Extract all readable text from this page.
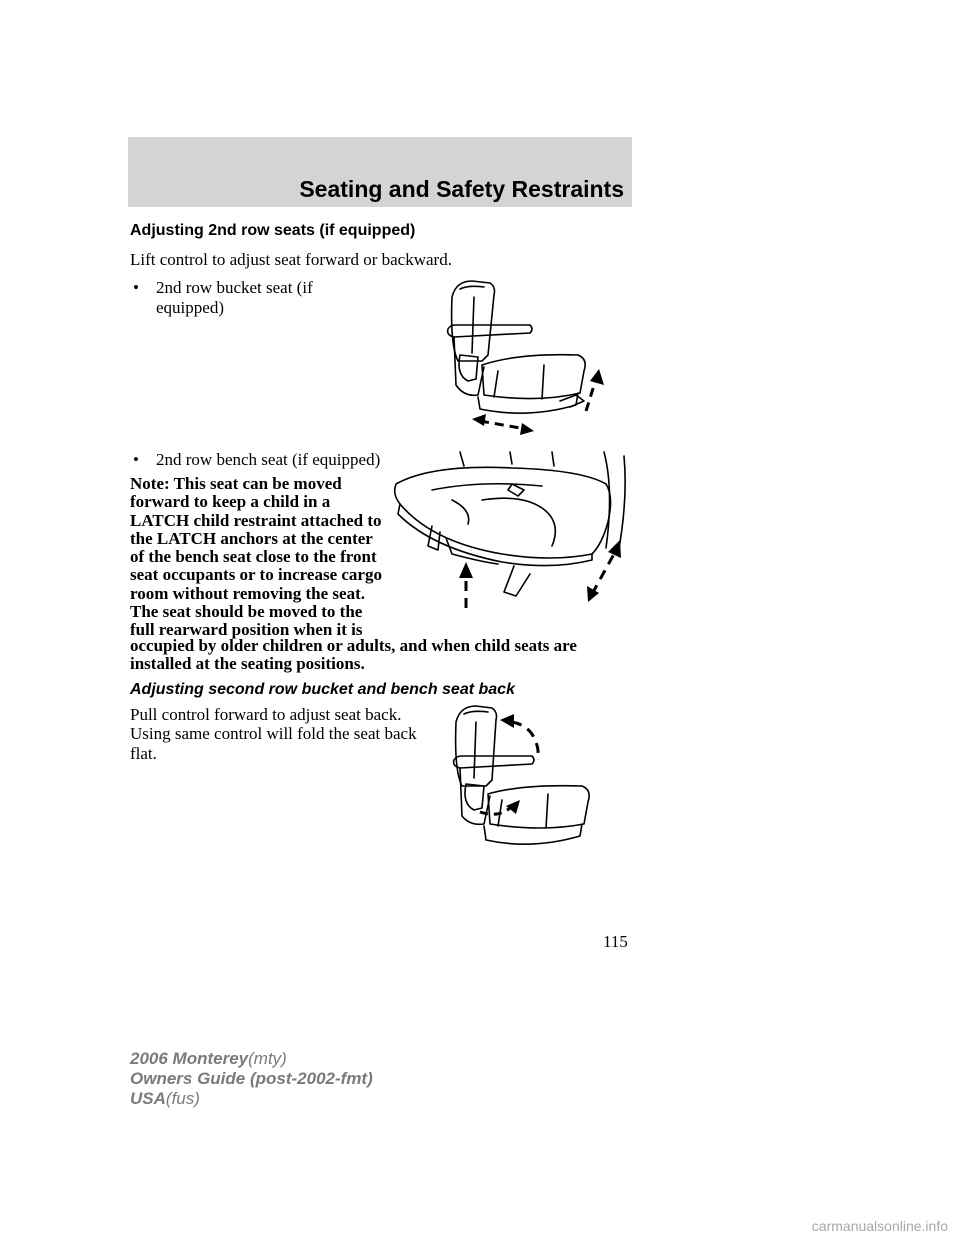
Seating and Safety Restraints
Adjusting 2nd row seats (if equipped)
Lift control to adjust seat forward or backward.
• 2nd row bucket seat (if
equipped)
• 2nd row bench seat (if equipped)
Note: This seat can be moved forward to keep a child in a LATCH child restraint attached to the LATCH anchors at the center of the bench seat close to the front seat occupants or to increase cargo room without removing the seat. The seat should be moved to the full rearward position when it is
occupied by older children or adults, and when child seats are installed at the seating positions.
Adjusting second row bucket and bench seat back
Pull control forward to adjust seat back. Using same control will fold the seat back flat.
115
2006 Monterey(mty)
Owners Guide (post-2002-fmt)
USA(fus)
carmanualsonline.info
